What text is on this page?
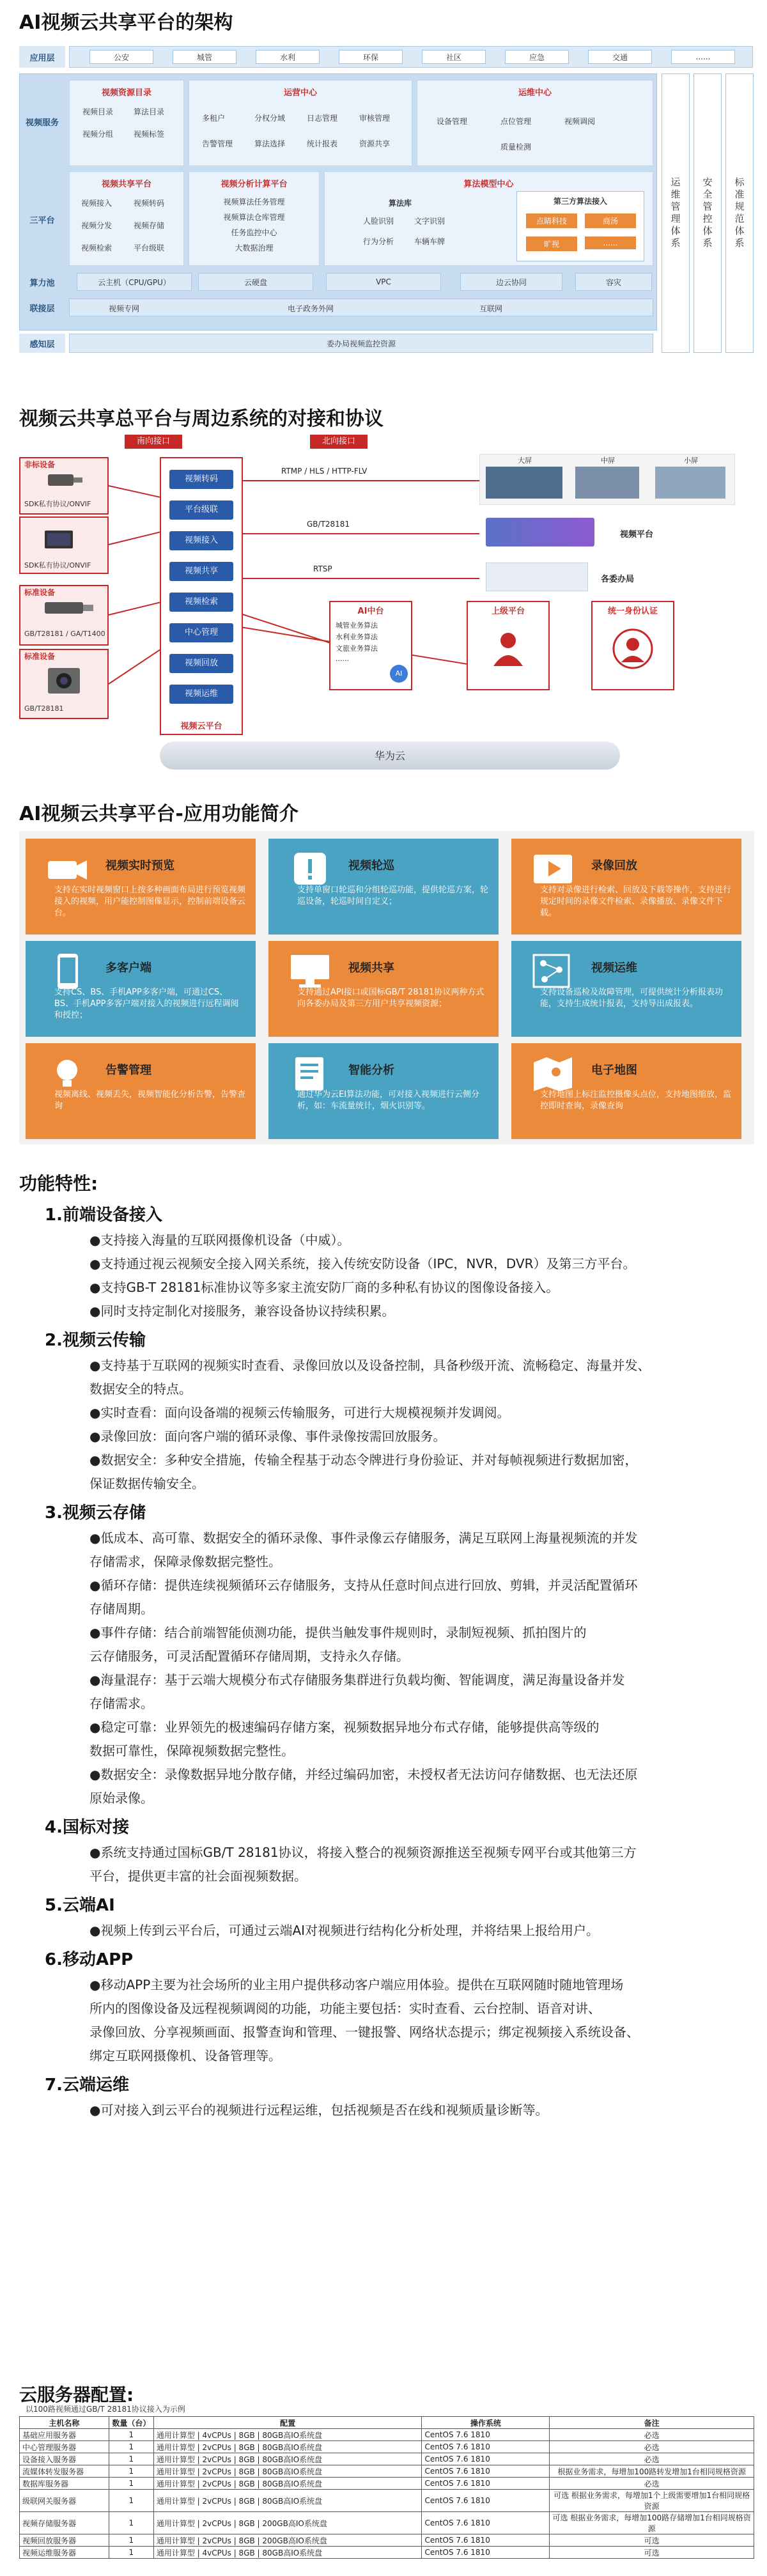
AI视频云共享平台的架构
应用层
视频服务
视频资源目录
视频目录	算法目录
视频分组	视频标签
运营中心
多租户	分权分域	日志管理	审核管理
告警管理	算法选择	统计报表	资源共享
运维中心
设备管理	点位管理	视频调阅
质量检测
三平台
视频共享平台
视频接入	视频转码
视频分发	视频存储
视频检索	平台级联
视频分析计算平台
视频算法任务管理
视频算法仓库管理
任务监控中心
大数据治理
算法模型中心
算法库
人脸识别	文字识别
行为分析	车辆车牌
第三方算法接入
点睛科技	商汤
旷视	......
算力池
联接层
感知层	委办局视频监控资源
运维管理体系	安全管控体系	标准规范体系
公安	城管	水利	环保	社区	应急	交通	......
云主机（CPU/GPU）	云硬盘	VPC	边云协同	容灾
视频专网	电子政务外网	互联网
视频云共享总平台与周边系统的对接和协议
南向接口	北向接口
非标设备
SDK私有协议/ONVIF
SDK私有协议/ONVIF
标准设备
GB/T28181 / GA/T1400
标准设备
GB/T28181
视频云平台
RTMP / HLS / HTTP-FLV
GB/T28181
RTSP
大屏	中屏	小屏
视频平台
各委办局
AI中台
城管业务算法
水利业务算法
文旅业务算法
......
AI
上级平台	统一身份认证
华为云
视频转码
平台级联
视频接入
视频共享
视频检索
中心管理
视频回放
视频运维
AI视频云共享平台-应用功能简介
视频实时预览
支持在实时视频窗口上按多种画面布局进行预览视频接入的视频，用户能控制图像显示，控制前端设备云台。
视频轮巡
支持单窗口轮巡和分组轮巡功能，提供轮巡方案，轮巡设备，轮巡时间自定义；
录像回放
支持对录像进行检索、回放及下载等操作，支持进行规定时间的录像文件检索、录像播放、录像文件下载。
多客户端
支持CS、BS、手机APP多客户端，可通过CS、BS、手机APP多客户端对接入的视频进行远程调阅和授控；
视频共享
支持通过API接口或国标GB/T 28181协议两种方式向各委办局及第三方用户共享视频资源；
视频运维
支持设备巡检及故障管理，可提供统计分析报表功能，支持生成统计报表，支持导出成报表。
告警管理
视频离线、视频丢失，视频智能化分析告警，告警查询
智能分析
通过华为云EI算法功能，可对接入视频进行云侧分析，如：车流量统计，烟火识别等。
电子地图
支持地图上标注监控摄像头点位，支持地图缩放，监控即时查询，录像查询
功能特性:
1.前端设备接入
●支持接入海量的互联网摄像机设备（中威）。
●支持通过视云视频安全接入网关系统，接入传统安防设备（IPC，NVR，DVR）及第三方平台。
●支持GB-T 28181标准协议等多家主流安防厂商的多种私有协议的图像设备接入。
●同时支持定制化对接服务，兼容设备协议持续积累。
2.视频云传输
●支持基于互联网的视频实时查看、录像回放以及设备控制，具备秒级开流、流畅稳定、海量并发、
数据安全的特点。
●实时查看：面向设备端的视频云传输服务，可进行大规模视频并发调阅。
●录像回放：面向客户端的循环录像、事件录像按需回放服务。
●数据安全：多种安全措施，传输全程基于动态令牌进行身份验证、并对每帧视频进行数据加密，
保证数据传输安全。
3.视频云存储
●低成本、高可靠、数据安全的循环录像、事件录像云存储服务，满足互联网上海量视频流的并发
存储需求，保障录像数据完整性。
●循环存储：提供连续视频循环云存储服务，支持从任意时间点进行回放、剪辑，并灵活配置循环
存储周期。
●事件存储：结合前端智能侦测功能，提供当触发事件规则时，录制短视频、抓拍图片的
云存储服务，可灵活配置循环存储周期，支持永久存储。
●海量混存：基于云端大规模分布式存储服务集群进行负载均衡、智能调度，满足海量设备并发
存储需求。
●稳定可靠：业界领先的极速编码存储方案，视频数据异地分布式存储，能够提供高等级的
数据可靠性，保障视频数据完整性。
●数据安全：录像数据异地分散存储，并经过编码加密，未授权者无法访问存储数据、也无法还原
原始录像。
4.国标对接
●系统支持通过国标GB/T 28181协议，将接入整合的视频资源推送至视频专网平台或其他第三方
平台，提供更丰富的社会面视频数据。
5.云端AI
●视频上传到云平台后，可通过云端AI对视频进行结构化分析处理，并将结果上报给用户。
6.移动APP
●移动APP主要为社会场所的业主用户提供移动客户端应用体验。提供在互联网随时随地管理场
所内的图像设备及远程视频调阅的功能，功能主要包括：实时查看、云台控制、语音对讲、
录像回放、分享视频画面、报警查询和管理、一键报警、网络状态提示；绑定视频接入系统设备、
绑定互联网摄像机、设备管理等。
7.云端运维
●可对接入到云平台的视频进行远程运维，包括视频是否在线和视频质量诊断等。
云服务器配置:
以100路视频通过GB/T 28181协议接入为示例
主机名称	数量（台）	配置	操作系统	备注
基础应用服务器	1	通用计算型 | 4vCPUs | 8GB | 80GB高IO系统盘	CentOS 7.6 1810	必选
中心管理服务器	1	通用计算型 | 2vCPUs | 8GB | 80GB高IO系统盘	CentOS 7.6 1810	必选
设备接入服务器	1	通用计算型 | 2vCPUs | 8GB | 80GB高IO系统盘	CentOS 7.6 1810	必选
流媒体转发服务器	1	通用计算型 | 2vCPUs | 8GB | 80GB高IO系统盘	CentOS 7.6 1810	根据业务需求，每增加100路转发增加1台相同规格资源
数据库服务器	1	通用计算型 | 2vCPUs | 8GB | 80GB高IO系统盘	CentOS 7.6 1810	必选
级联网关服务器	1	通用计算型 | 2vCPUs | 8GB | 80GB高IO系统盘	CentOS 7.6 1810	可选 根据业务需求，每增加1个上级需要增加1台相同规格资源
视频存储服务器	1	通用计算型 | 2vCPUs | 8GB | 200GB高IO系统盘	CentOS 7.6 1810	可选 根据业务需求，每增加100路存储增加1台相同规格资源
视频回放服务器	1	通用计算型 | 2vCPUs | 8GB | 200GB高IO系统盘	CentOS 7.6 1810	可选
视频运维服务器	1	通用计算型 | 4vCPUs | 8GB | 80GB高IO系统盘	CentOS 7.6 1810	可选
